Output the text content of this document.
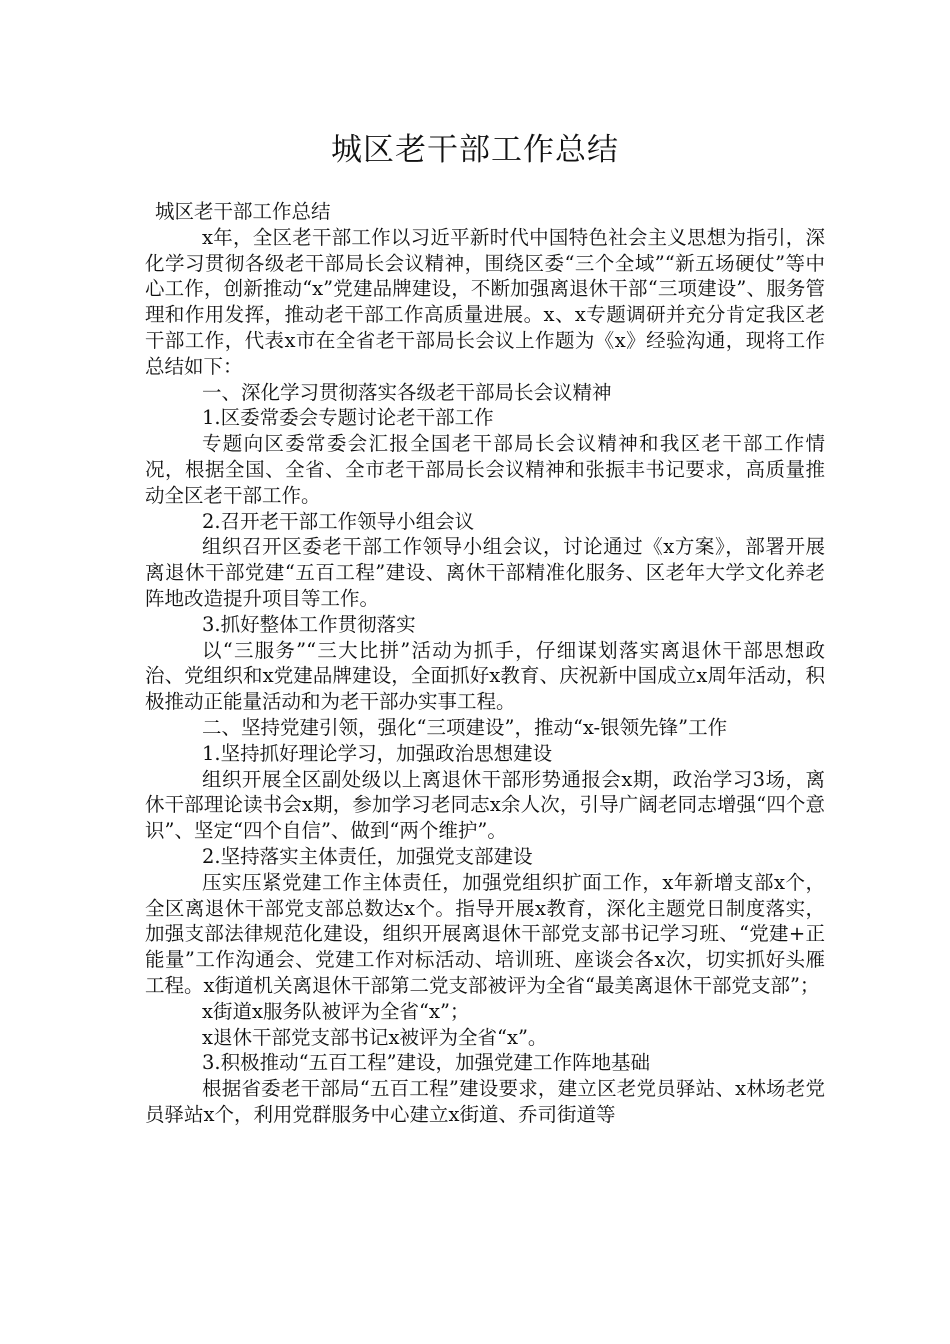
城区老干部工作总结

城区老干部工作总结

x年，全区老干部工作以习近平新时代中国特色社会主义思想为指引，深化学习贯彻各级老干部局长会议精神，围绕区委“三个全域”“新五场硬仗”等中心工作，创新推动“x”党建品牌建设，不断加强离退休干部“三项建设”、服务管理和作用发挥，推动老干部工作高质量进展。x、x专题调研并充分肯定我区老干部工作，代表x市在全省老干部局长会议上作题为《x》经验沟通，现将工作总结如下：

一、深化学习贯彻落实各级老干部局长会议精神

1.区委常委会专题讨论老干部工作

专题向区委常委会汇报全国老干部局长会议精神和我区老干部工作情况，根据全国、全省、全市老干部局长会议精神和张振丰书记要求，高质量推动全区老干部工作。

2.召开老干部工作领导小组会议

组织召开区委老干部工作领导小组会议，讨论通过《x方案》，部署开展离退休干部党建“五百工程”建设、离休干部精准化服务、区老年大学文化养老阵地改造提升项目等工作。

3.抓好整体工作贯彻落实

以“三服务”“三大比拼”活动为抓手，仔细谋划落实离退休干部思想政治、党组织和x党建品牌建设，全面抓好x教育、庆祝新中国成立x周年活动，积极推动正能量活动和为老干部办实事工程。

二、坚持党建引领，强化“三项建设”，推动“x-银领先锋”工作

1.坚持抓好理论学习，加强政治思想建设

组织开展全区副处级以上离退休干部形势通报会x期，政治学习3场，离休干部理论读书会x期，参加学习老同志x余人次，引导广阔老同志增强“四个意识”、坚定“四个自信”、做到“两个维护”。

2.坚持落实主体责任，加强党支部建设

压实压紧党建工作主体责任，加强党组织扩面工作，x年新增支部x个，全区离退休干部党支部总数达x个。指导开展x教育，深化主题党日制度落实，加强支部法律规范化建设，组织开展离退休干部党支部书记学习班、“党建+正能量”工作沟通会、党建工作对标活动、培训班、座谈会各x次，切实抓好头雁工程。x街道机关离退休干部第二党支部被评为全省“最美离退休干部党支部”；

x街道x服务队被评为全省“x”；

x退休干部党支部书记x被评为全省“x”。

3.积极推动“五百工程”建设，加强党建工作阵地基础

根据省委老干部局“五百工程”建设要求，建立区老党员驿站、x林场老党员驿站x个，利用党群服务中心建立x街道、乔司街道等
